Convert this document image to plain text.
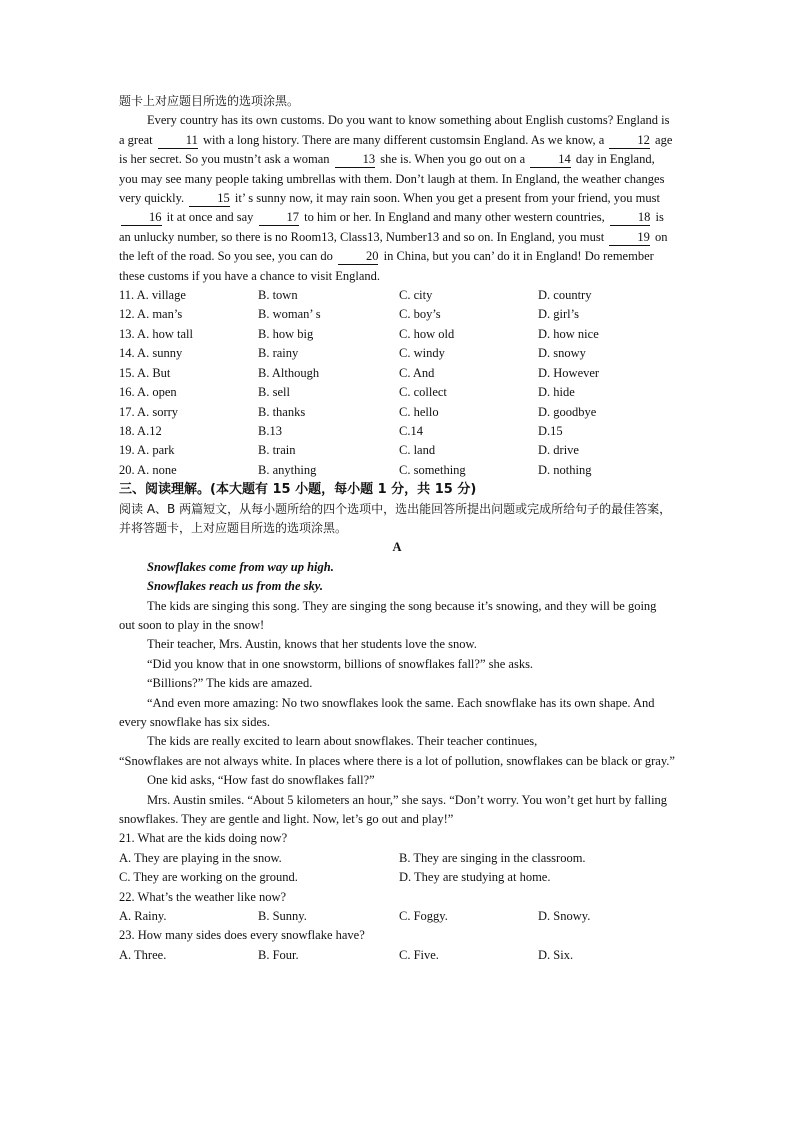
题卡上对应题目所选的选项涂黑。

Every country has its own customs. Do you want to know something about English customs? England is a great 11 with a long history. There are many different customsin England. As we know, a 12 age is her secret. So you mustn’t ask a woman 13 she is. When you go out on a 14 day in England, you may see many people taking umbrellas with them. Don’t laugh at them. In England, the weather changes very quickly. 15 it’ s sunny now, it may rain soon. When you get a present from your friend, you must 16 it at once and say 17 to him or her. In England and many other western countries, 18 is an unlucky number, so there is no Room13, Class13, Number13 and so on. In England, you must 19 on the left of the road. So you see, you can do 20 in China, but you can’ do it in England! Do remember these customs if you have a chance to visit England.

11. A. village	B. town	C. city	D. country
12. A. man’s	B. woman’ s	C. boy’s	D. girl’s
13. A. how tall	B. how big	C. how old	D. how nice
14. A. sunny	B. rainy	C. windy	D. snowy
15. A. But	B. Although	C. And	D. However
16. A. open	B. sell	C. collect	D. hide
17. A. sorry	B. thanks	C. hello	D. goodbye
18. A.12	B.13	C.14	D.15
19. A. park	B. train	C. land	D. drive
20. A. none	B. anything	C. something	D. nothing

三、阅读理解。(本大题有 15 小题，每小题 1 分，共 15 分)

阅读 A、B 两篇短文，从每小题所给的四个选项中，选出能回答所提出问题或完成所给句子的最佳答案，并将答题卡，上对应题目所选的选项涂黑。

A

Snowflakes come from way up high.

Snowflakes reach us from the sky.

The kids are singing this song. They are singing the song because it’s snowing, and they will be going out soon to play in the snow!

Their teacher, Mrs. Austin, knows that her students love the snow.

“Did you know that in one snowstorm, billions of snowflakes fall?” she asks.

“Billions?” The kids are amazed.

“And even more amazing: No two snowflakes look the same. Each snowflake has its own shape. And every snowflake has six sides.

The kids are really excited to learn about snowflakes. Their teacher continues,

“Snowflakes are not always white. In places where there is a lot of pollution, snowflakes can be black or gray.”

One kid asks, “How fast do snowflakes fall?”

Mrs. Austin smiles. “About 5 kilometers an hour,” she says. “Don’t worry. You won’t get hurt by falling snowflakes. They are gentle and light. Now, let’s go out and play!”

21. What are the kids doing now?

A. They are playing in the snow.	B. They are singing in the classroom.
C. They are working on the ground.	D. They are studying at home.

22. What’s the weather like now?

A. Rainy.	B. Sunny.	C. Foggy.	D. Snowy.

23. How many sides does every snowflake have?

A. Three.	B. Four.	C. Five.	D. Six.
